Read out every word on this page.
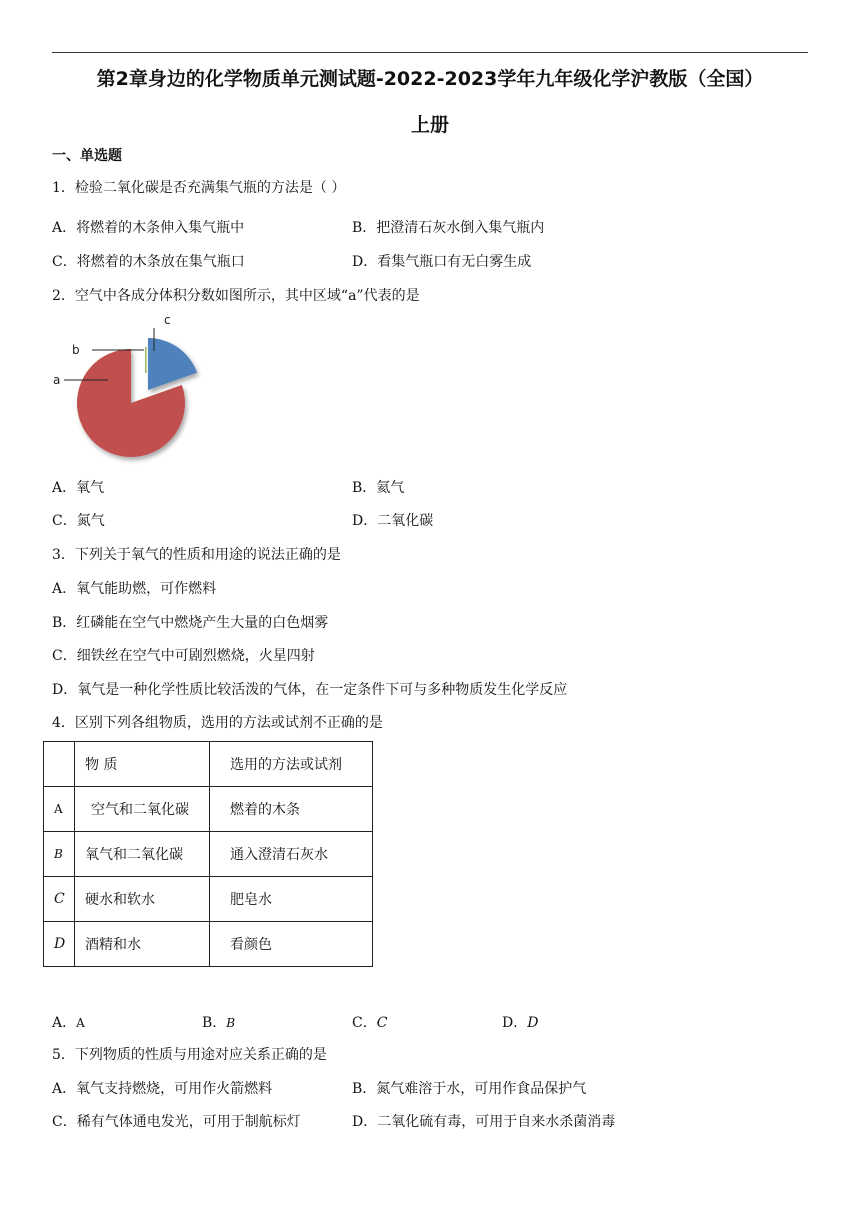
第2章身边的化学物质单元测试题-2022-2023学年九年级化学沪教版（全国）
上册
一、单选题
1．检验二氧化碳是否充满集气瓶的方法是（ ）
A．将燃着的木条伸入集气瓶中	B．把澄清石灰水倒入集气瓶内
C．将燃着的木条放在集气瓶口	D．看集气瓶口有无白雾生成
2．空气中各成分体积分数如图所示，其中区域“a”代表的是
c
b
a
A．氧气	B．氦气
C．氮气	D．二氧化碳
3．下列关于氧气的性质和用途的说法正确的是
A．氧气能助燃，可作燃料
B．红磷能在空气中燃烧产生大量的白色烟雾
C．细铁丝在空气中可剧烈燃烧，火星四射
D．氧气是一种化学性质比较活泼的气体，在一定条件下可与多种物质发生化学反应
4．区别下列各组物质，选用的方法或试剂不正确的是
	物 质	选用的方法或试剂
A	空气和二氧化碳	燃着的木条
B	氧气和二氧化碳	通入澄清石灰水
C	硬水和软水	肥皂水
D	酒精和水	看颜色
A．A	B．B	C．C	D．D
5．下列物质的性质与用途对应关系正确的是
A．氧气支持燃烧，可用作火箭燃料	B．氮气难溶于水，可用作食品保护气
C．稀有气体通电发光，可用于制航标灯	D．二氧化硫有毒，可用于自来水杀菌消毒
